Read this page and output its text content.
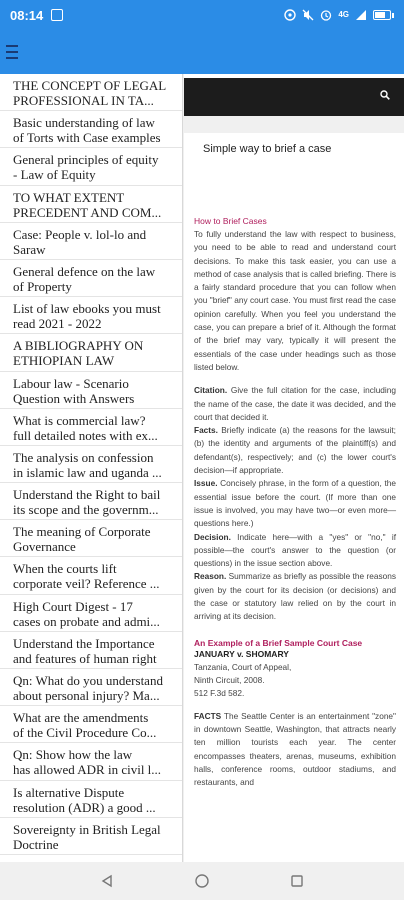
08:14	4G
THE CONCEPT OF LEGAL
PROFESSIONAL IN TA...
Basic understanding of law
of Torts with Case examples
General principles of equity
- Law of Equity
TO WHAT EXTENT
PRECEDENT AND COM...
Case: People v. lol-lo and
Saraw
General defence on the law
of Property
List of law ebooks you must
read 2021 - 2022
A BIBLIOGRAPHY ON
ETHIOPIAN LAW
Labour law - Scenario
Question with Answers
What is commercial law?
full detailed notes with ex...
The analysis on confession
in islamic law and uganda ...
Understand the Right to bail
its scope and the governm...
The meaning of Corporate
Governance
When the courts lift
corporate veil? Reference ...
High Court Digest - 17
cases on probate and admi...
Understand the Importance
and features of human right
Qn: What do you understand
about personal injury? Ma...
What are the amendments
of the Civil Procedure Co...
Qn: Show how the law
has allowed ADR in civil l...
Is alternative Dispute
resolution (ADR) a good ...
Sovereignty in British Legal
Doctrine
Simple way to brief a case
How to Brief Cases

To fully understand the law with respect to business, you need to be able to read and understand court decisions. To make this task easier, you can use a method of case analysis that is called briefing. There is a fairly standard procedure that you can follow when you "brief" any court case. You must first read the case opinion carefully. When you feel you understand the case, you can prepare a brief of it. Although the format of the brief may vary, typically it will present the essentials of the case under headings such as those listed below.

Citation. Give the full citation for the case, including the name of the case, the date it was decided, and the court that decided it.

Facts. Briefly indicate (a) the reasons for the lawsuit; (b) the identity and arguments of the plaintiff(s) and defendant(s), respectively; and (c) the lower court's decision—if appropriate.

Issue. Concisely phrase, in the form of a question, the essential issue before the court. (If more than one issue is involved, you may have two—or even more—questions here.)

Decision. Indicate here—with a "yes" or "no," if possible—the court's answer to the question (or questions) in the issue section above.

Reason. Summarize as briefly as possible the reasons given by the court for its decision (or decisions) and the case or statutory law relied on by the court in arriving at its decision.

An Example of a Brief Sample Court Case
JANUARY v. SHOMARY
Tanzania, Court of Appeal,
Ninth Circuit, 2008.
512 F.3d 582.

FACTS The Seattle Center is an entertainment "zone" in downtown Seattle, Washington, that attracts nearly ten million tourists each year. The center encompasses theaters, arenas, museums, exhibition halls, conference rooms, outdoor stadiums, and restaurants, and
